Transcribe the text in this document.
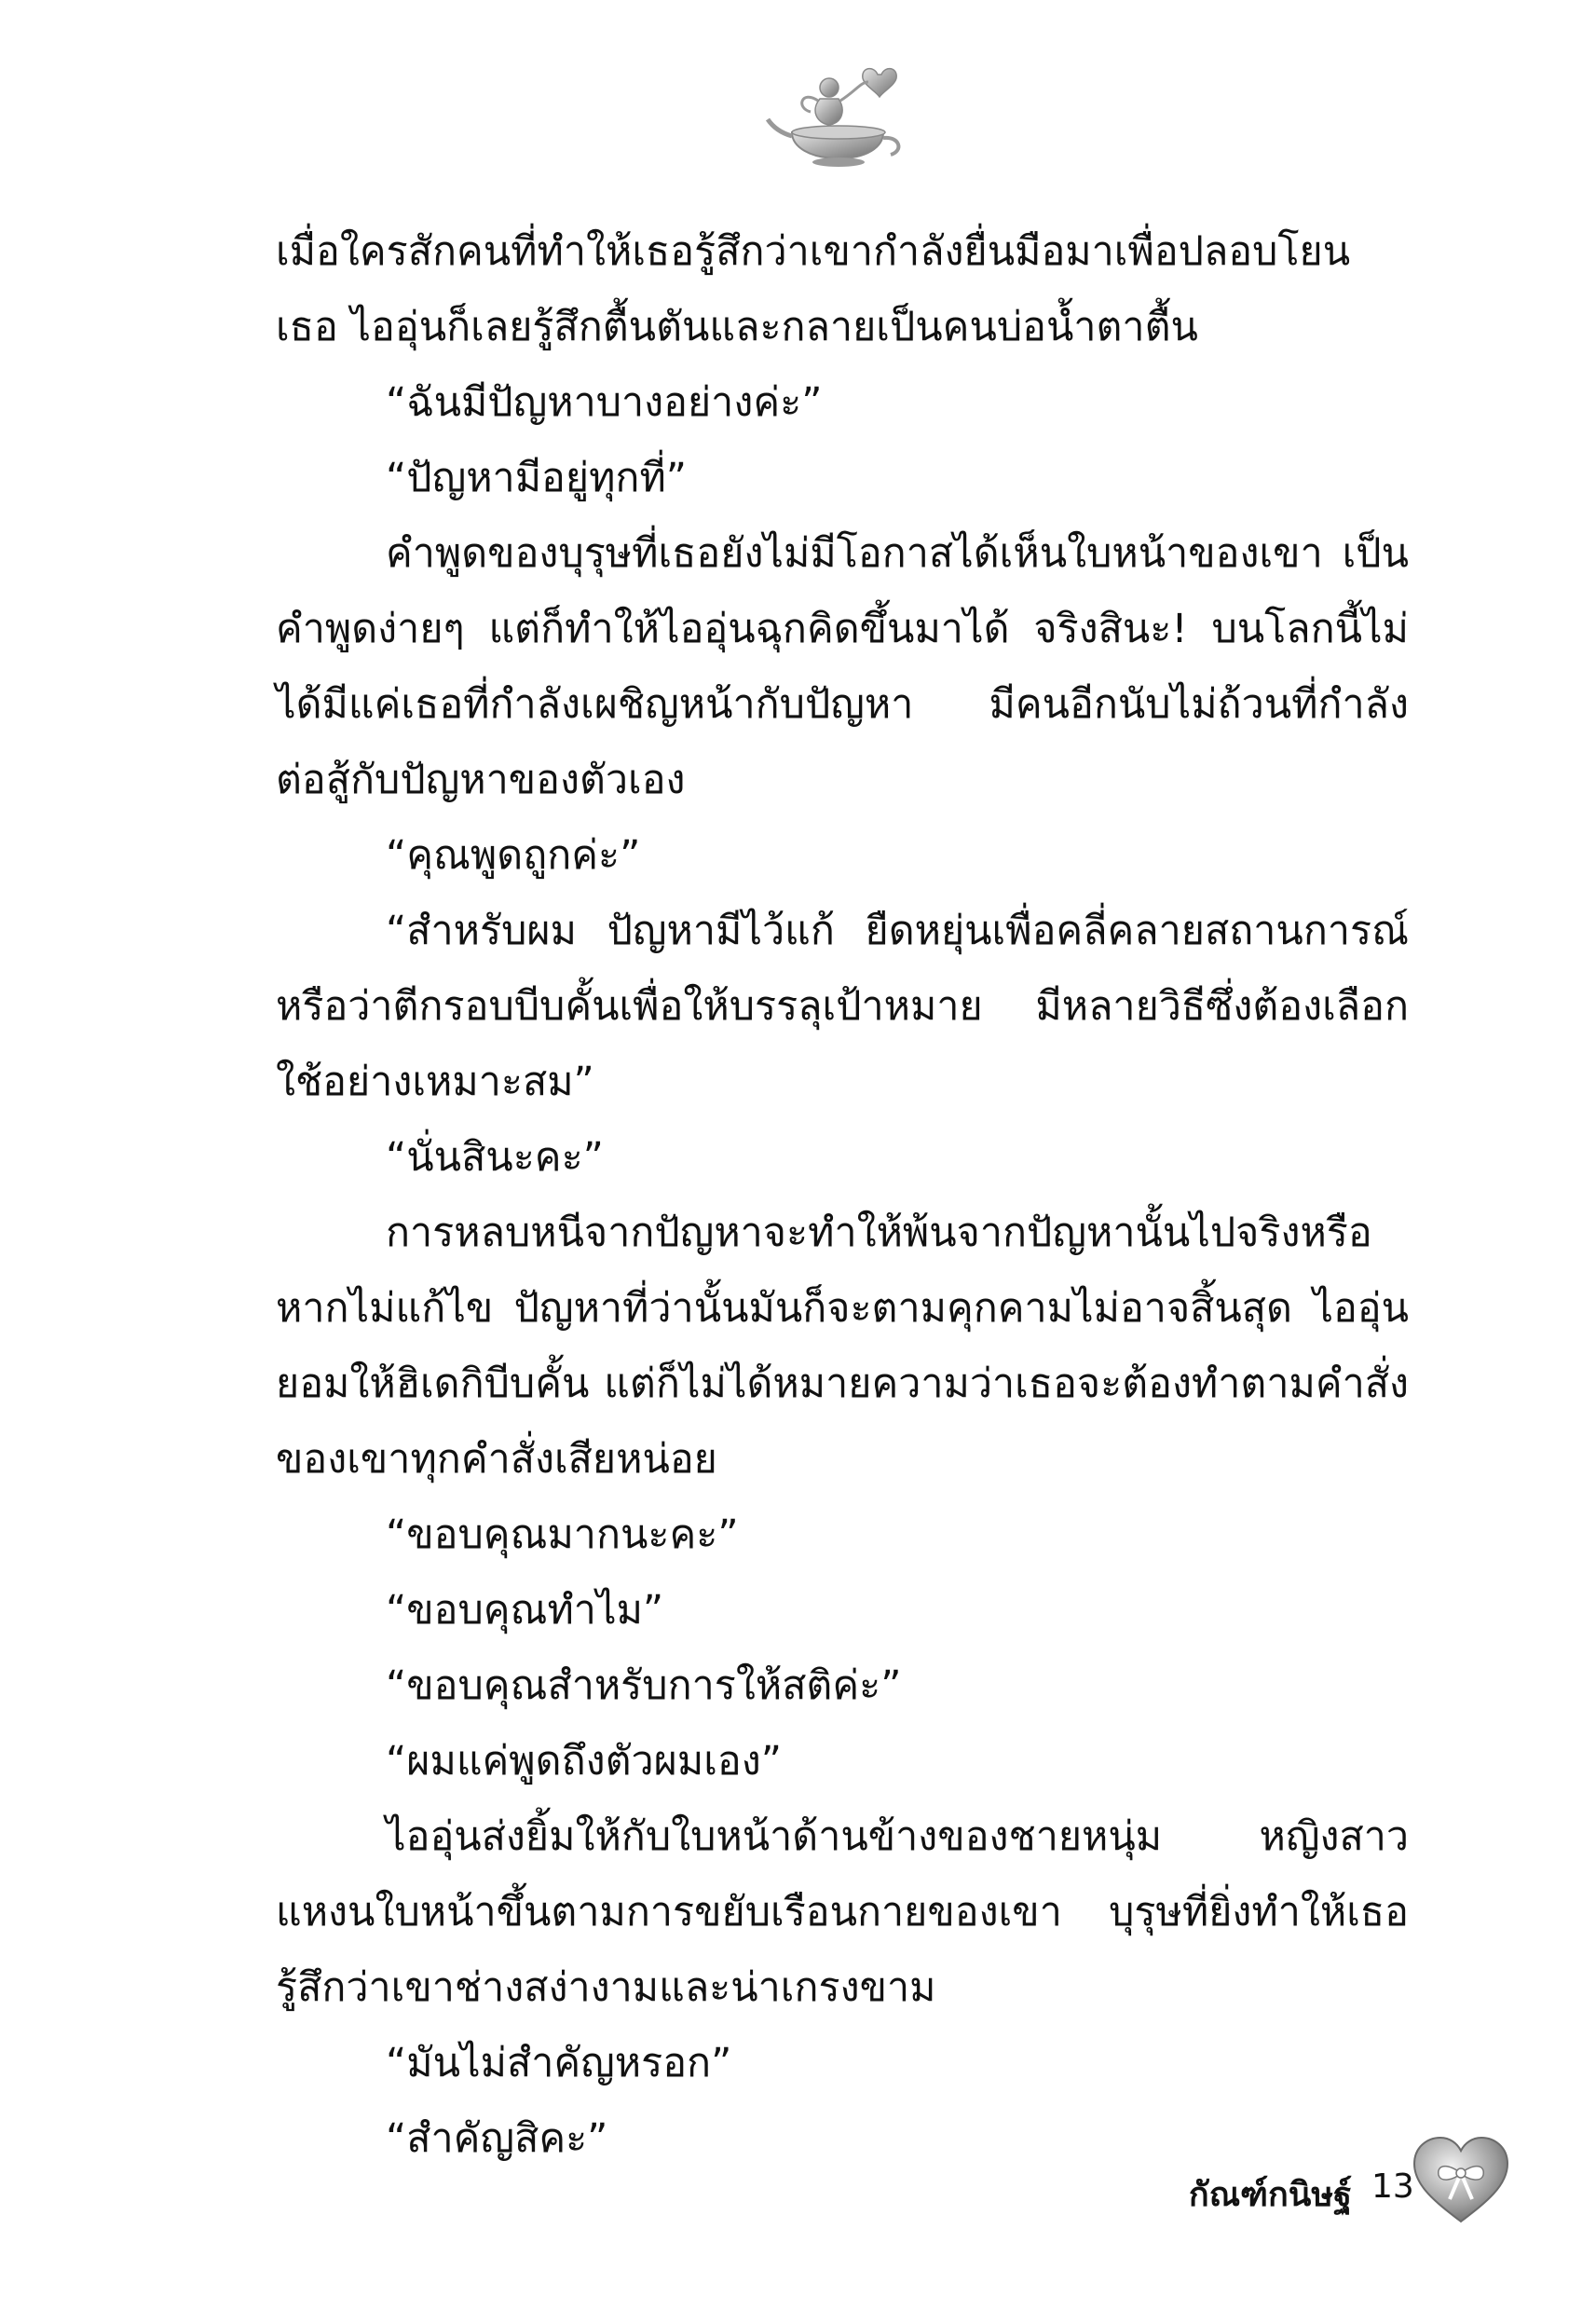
เมื่อใครสักคนที่ทำให้เธอรู้สึกว่าเขากำลังยื่นมือมาเพื่อปลอบโยนเธอ ไออุ่นก็เลยรู้สึกตื้นตันและกลายเป็นคนบ่อน้ำตาตื้น

“ฉันมีปัญหาบางอย่างค่ะ”

“ปัญหามีอยู่ทุกที่”

คำพูดของบุรุษที่เธอยังไม่มีโอกาสได้เห็นใบหน้าของเขา เป็นคำพูดง่ายๆ แต่ก็ทำให้ไออุ่นฉุกคิดขึ้นมาได้ จริงสินะ! บนโลกนี้ไม่ได้มีแค่เธอที่กำลังเผชิญหน้ากับปัญหา มีคนอีกนับไม่ถ้วนที่กำลังต่อสู้กับปัญหาของตัวเอง

“คุณพูดถูกค่ะ”

“สำหรับผม ปัญหามีไว้แก้ ยืดหยุ่นเพื่อคลี่คลายสถานการณ์ หรือว่าตีกรอบบีบคั้นเพื่อให้บรรลุเป้าหมาย มีหลายวิธีซึ่งต้องเลือกใช้อย่างเหมาะสม”

“นั่นสินะคะ”

การหลบหนีจากปัญหาจะทำให้พ้นจากปัญหานั้นไปจริงหรือ หากไม่แก้ไข ปัญหาที่ว่านั้นมันก็จะตามคุกคามไม่อาจสิ้นสุด ไออุ่นยอมให้ฮิเดกิบีบคั้น แต่ก็ไม่ได้หมายความว่าเธอจะต้องทำตามคำสั่งของเขาทุกคำสั่งเสียหน่อย

“ขอบคุณมากนะคะ”

“ขอบคุณทำไม”

“ขอบคุณสำหรับการให้สติค่ะ”

“ผมแค่พูดถึงตัวผมเอง”

ไออุ่นส่งยิ้มให้กับใบหน้าด้านข้างของชายหนุ่ม หญิงสาวแหงนใบหน้าขึ้นตามการขยับเรือนกายของเขา บุรุษที่ยิ่งทำให้เธอรู้สึกว่าเขาช่างสง่างามและน่าเกรงขาม

“มันไม่สำคัญหรอก”

“สำคัญสิคะ”

กัณฑ์กนิษฐ์ 13
